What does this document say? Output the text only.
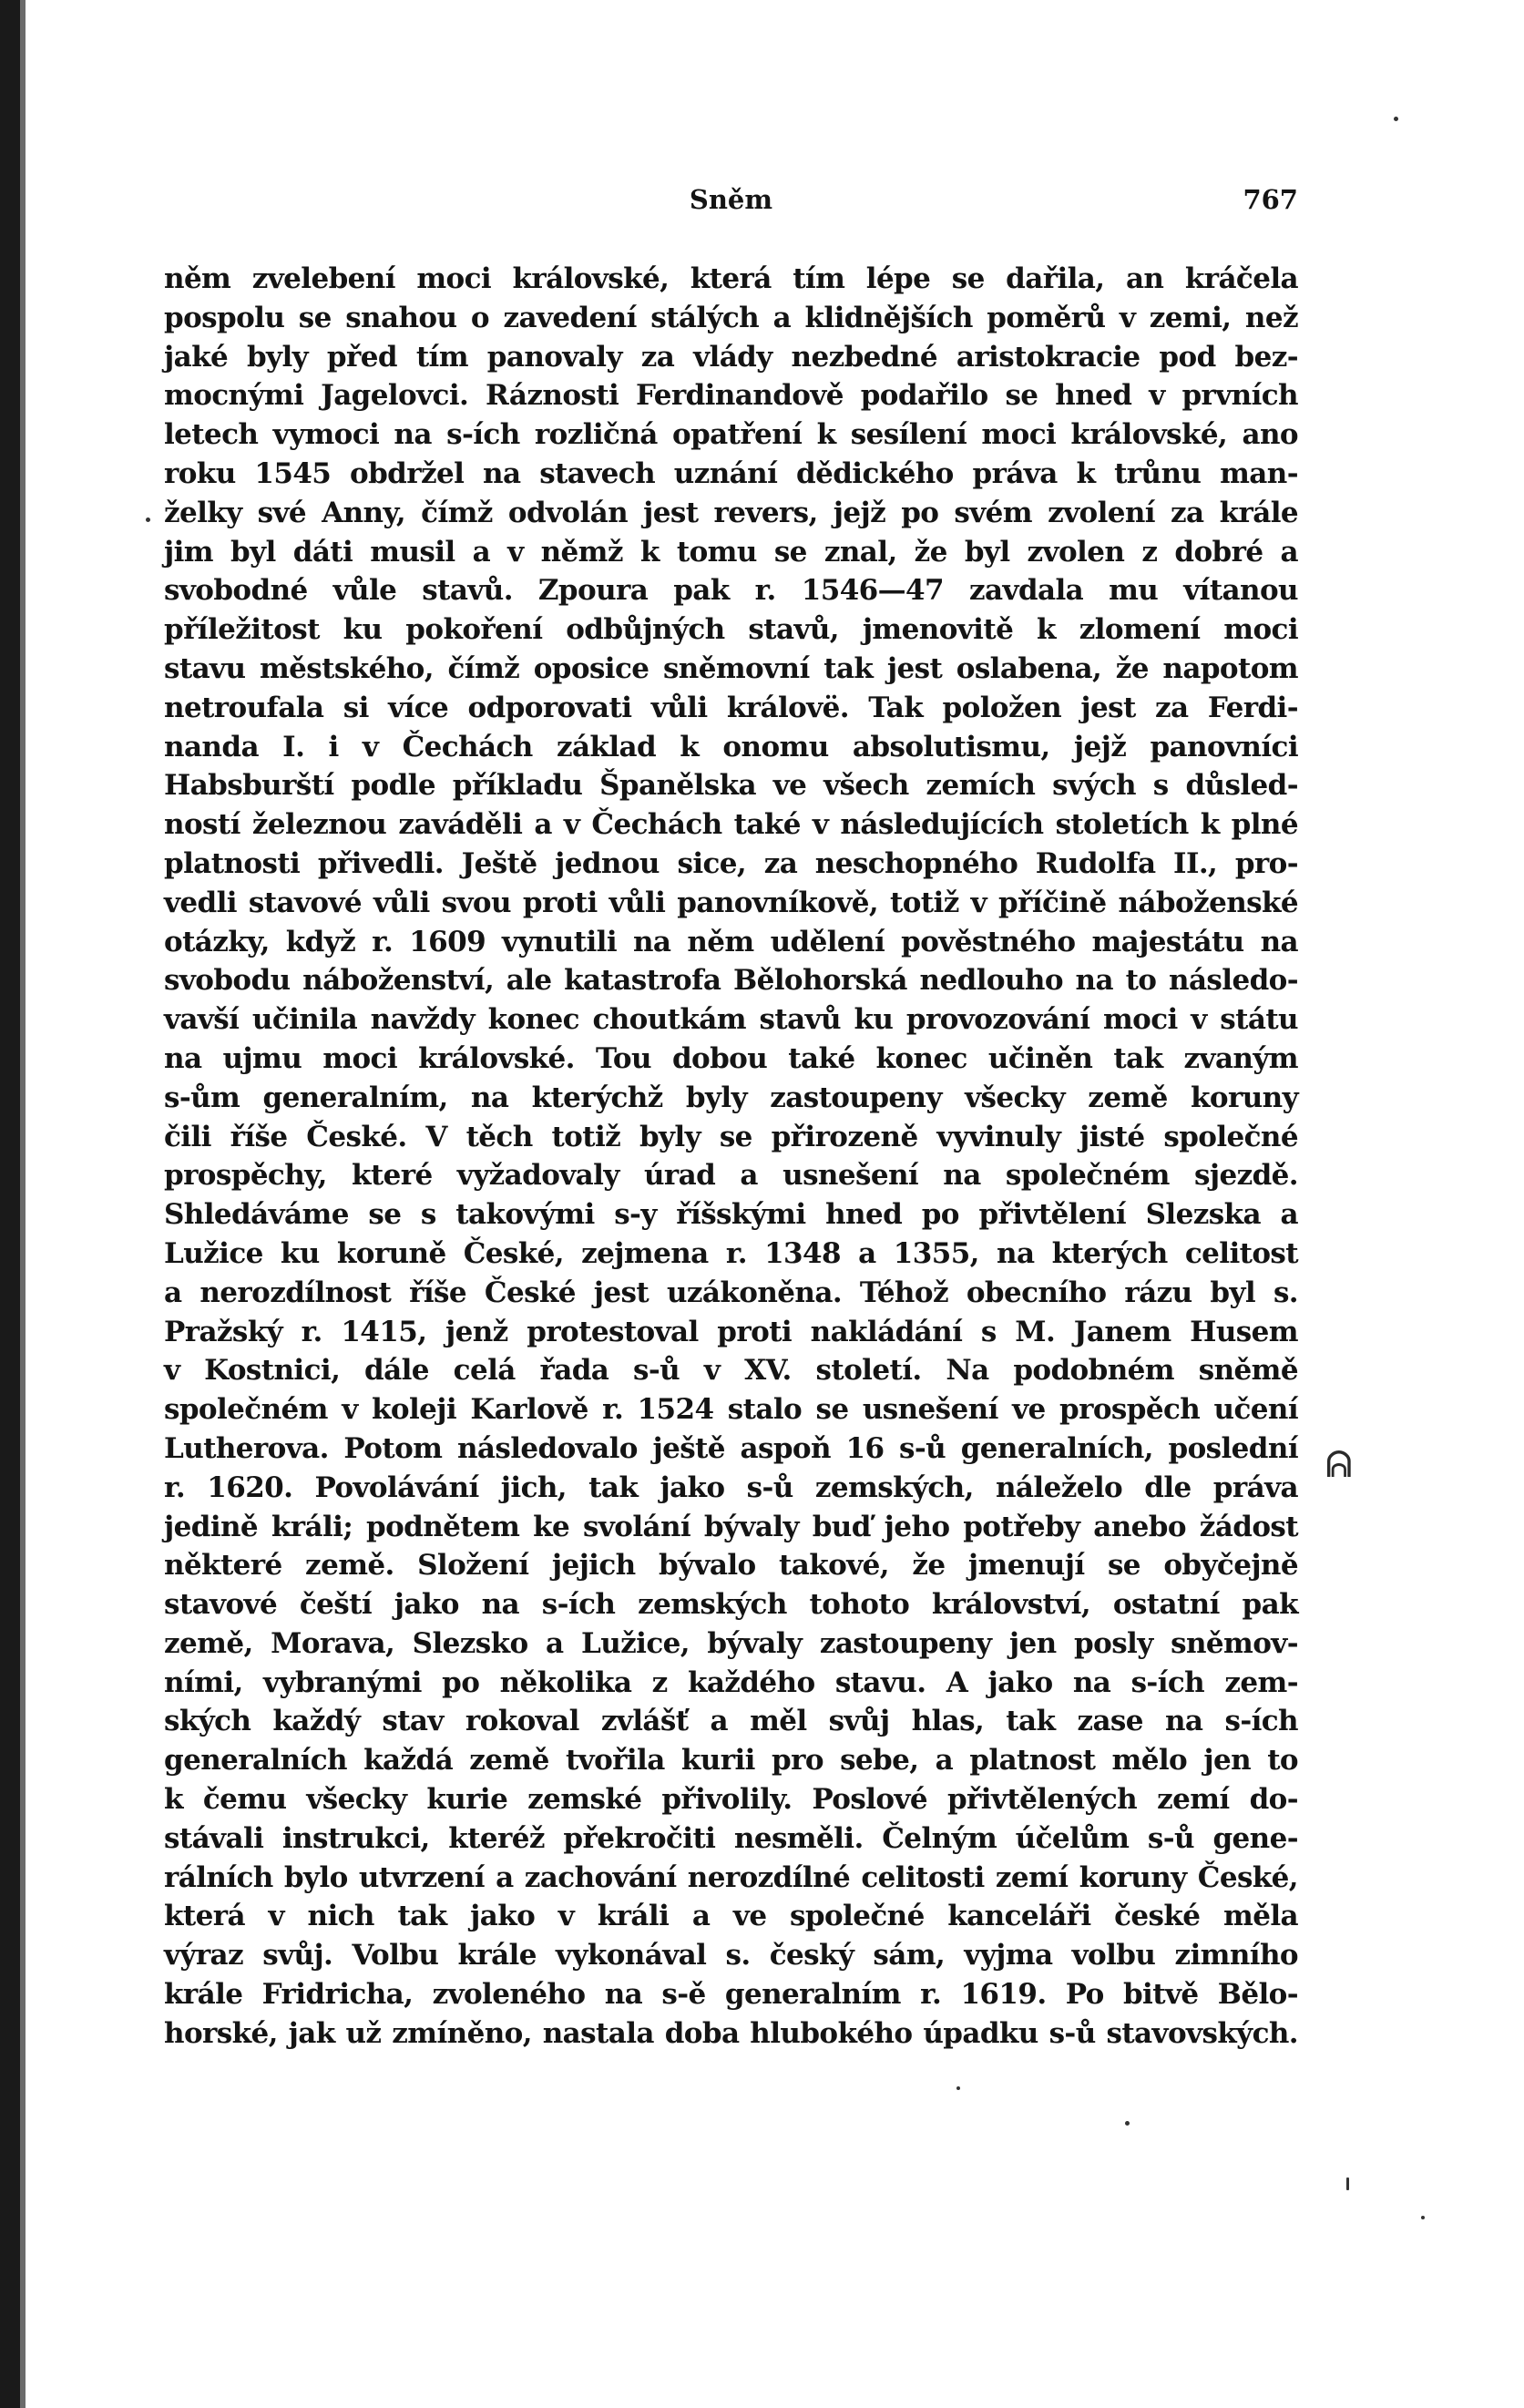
Sněm	767
něm zvelebení moci královské, která tím lépe se dařila, an kráčela
pospolu se snahou o zavedení stálých a klidnějších poměrů v zemi, než
jaké byly před tím panovaly za vlády nezbedné aristokracie pod bez-
mocnými Jagelovci. Ráznosti Ferdinandově podařilo se hned v prvních
letech vymoci na s-ích rozličná opatření k sesílení moci královské, ano
roku 1545 obdržel na stavech uznání dědického práva k trůnu man-
želky své Anny, čímž odvolán jest revers, jejž po svém zvolení za krále
jim byl dáti musil a v němž k tomu se znal, že byl zvolen z dobré a
svobodné vůle stavů. Zpoura pak r. 1546—47 zavdala mu vítanou
příležitost ku pokoření odbůjných stavů, jmenovitě k zlomení moci
stavu městského, čímž oposice sněmovní tak jest oslabena, že napotom
netroufala si více odporovati vůli královë. Tak položen jest za Ferdi-
nanda I. i v Čechách základ k onomu absolutismu, jejž panovníci
Habsburští podle příkladu Španělska ve všech zemích svých s důsled-
ností železnou zaváděli a v Čechách také v následujících stoletích k plné
platnosti přivedli. Ještě jednou sice, za neschopného Rudolfa II., pro-
vedli stavové vůli svou proti vůli panovníkově, totiž v příčině náboženské
otázky, když r. 1609 vynutili na něm udělení pověstného majestátu na
svobodu náboženství, ale katastrofa Bělohorská nedlouho na to následo-
vavší učinila navždy konec choutkám stavů ku provozování moci v státu
na ujmu moci královské. Tou dobou také konec učiněn tak zvaným
s-ům generalním, na kterýchž byly zastoupeny všecky země koruny
čili říše České. V těch totiž byly se přirozeně vyvinuly jisté společné
prospěchy, které vyžadovaly úrad a usnešení na společném sjezdě.
Shledáváme se s takovými s-y říšskými hned po přivtělení Slezska a
Lužice ku koruně České, zejmena r. 1348 a 1355, na kterých celitost
a nerozdílnost říše České jest uzákoněna. Téhož obecního rázu byl s.
Pražský r. 1415, jenž protestoval proti nakládání s M. Janem Husem
v Kostnici, dále celá řada s-ů v XV. století. Na podobném sněmě
společném v koleji Karlově r. 1524 stalo se usnešení ve prospěch učení
Lutherova. Potom následovalo ještě aspoň 16 s-ů generalních, poslední
r. 1620. Povolávání jich, tak jako s-ů zemských, náleželo dle práva
jedině králi; podnětem ke svolání bývaly buď jeho potřeby anebo žádost
některé země. Složení jejich bývalo takové, že jmenují se obyčejně
stavové čeští jako na s-ích zemských tohoto království, ostatní pak
země, Morava, Slezsko a Lužice, bývaly zastoupeny jen posly sněmov-
ními, vybranými po několika z každého stavu. A jako na s-ích zem-
ských každý stav rokoval zvlášť a měl svůj hlas, tak zase na s-ích
generalních každá země tvořila kurii pro sebe, a platnost mělo jen to
k čemu všecky kurie zemské přivolily. Poslové přivtělených zemí do-
stávali instrukci, kteréž překročiti nesměli. Čelným účelům s-ů gene-
rálních bylo utvrzení a zachování nerozdílné celitosti zemí koruny České,
která v nich tak jako v králi a ve společné kanceláři české měla
výraz svůj. Volbu krále vykonával s. český sám, vyjma volbu zimního
krále Fridricha, zvoleného na s-ě generalním r. 1619. Po bitvě Bělo-
horské, jak už zmíněno, nastala doba hlubokého úpadku s-ů stavovských.
ᕱ
